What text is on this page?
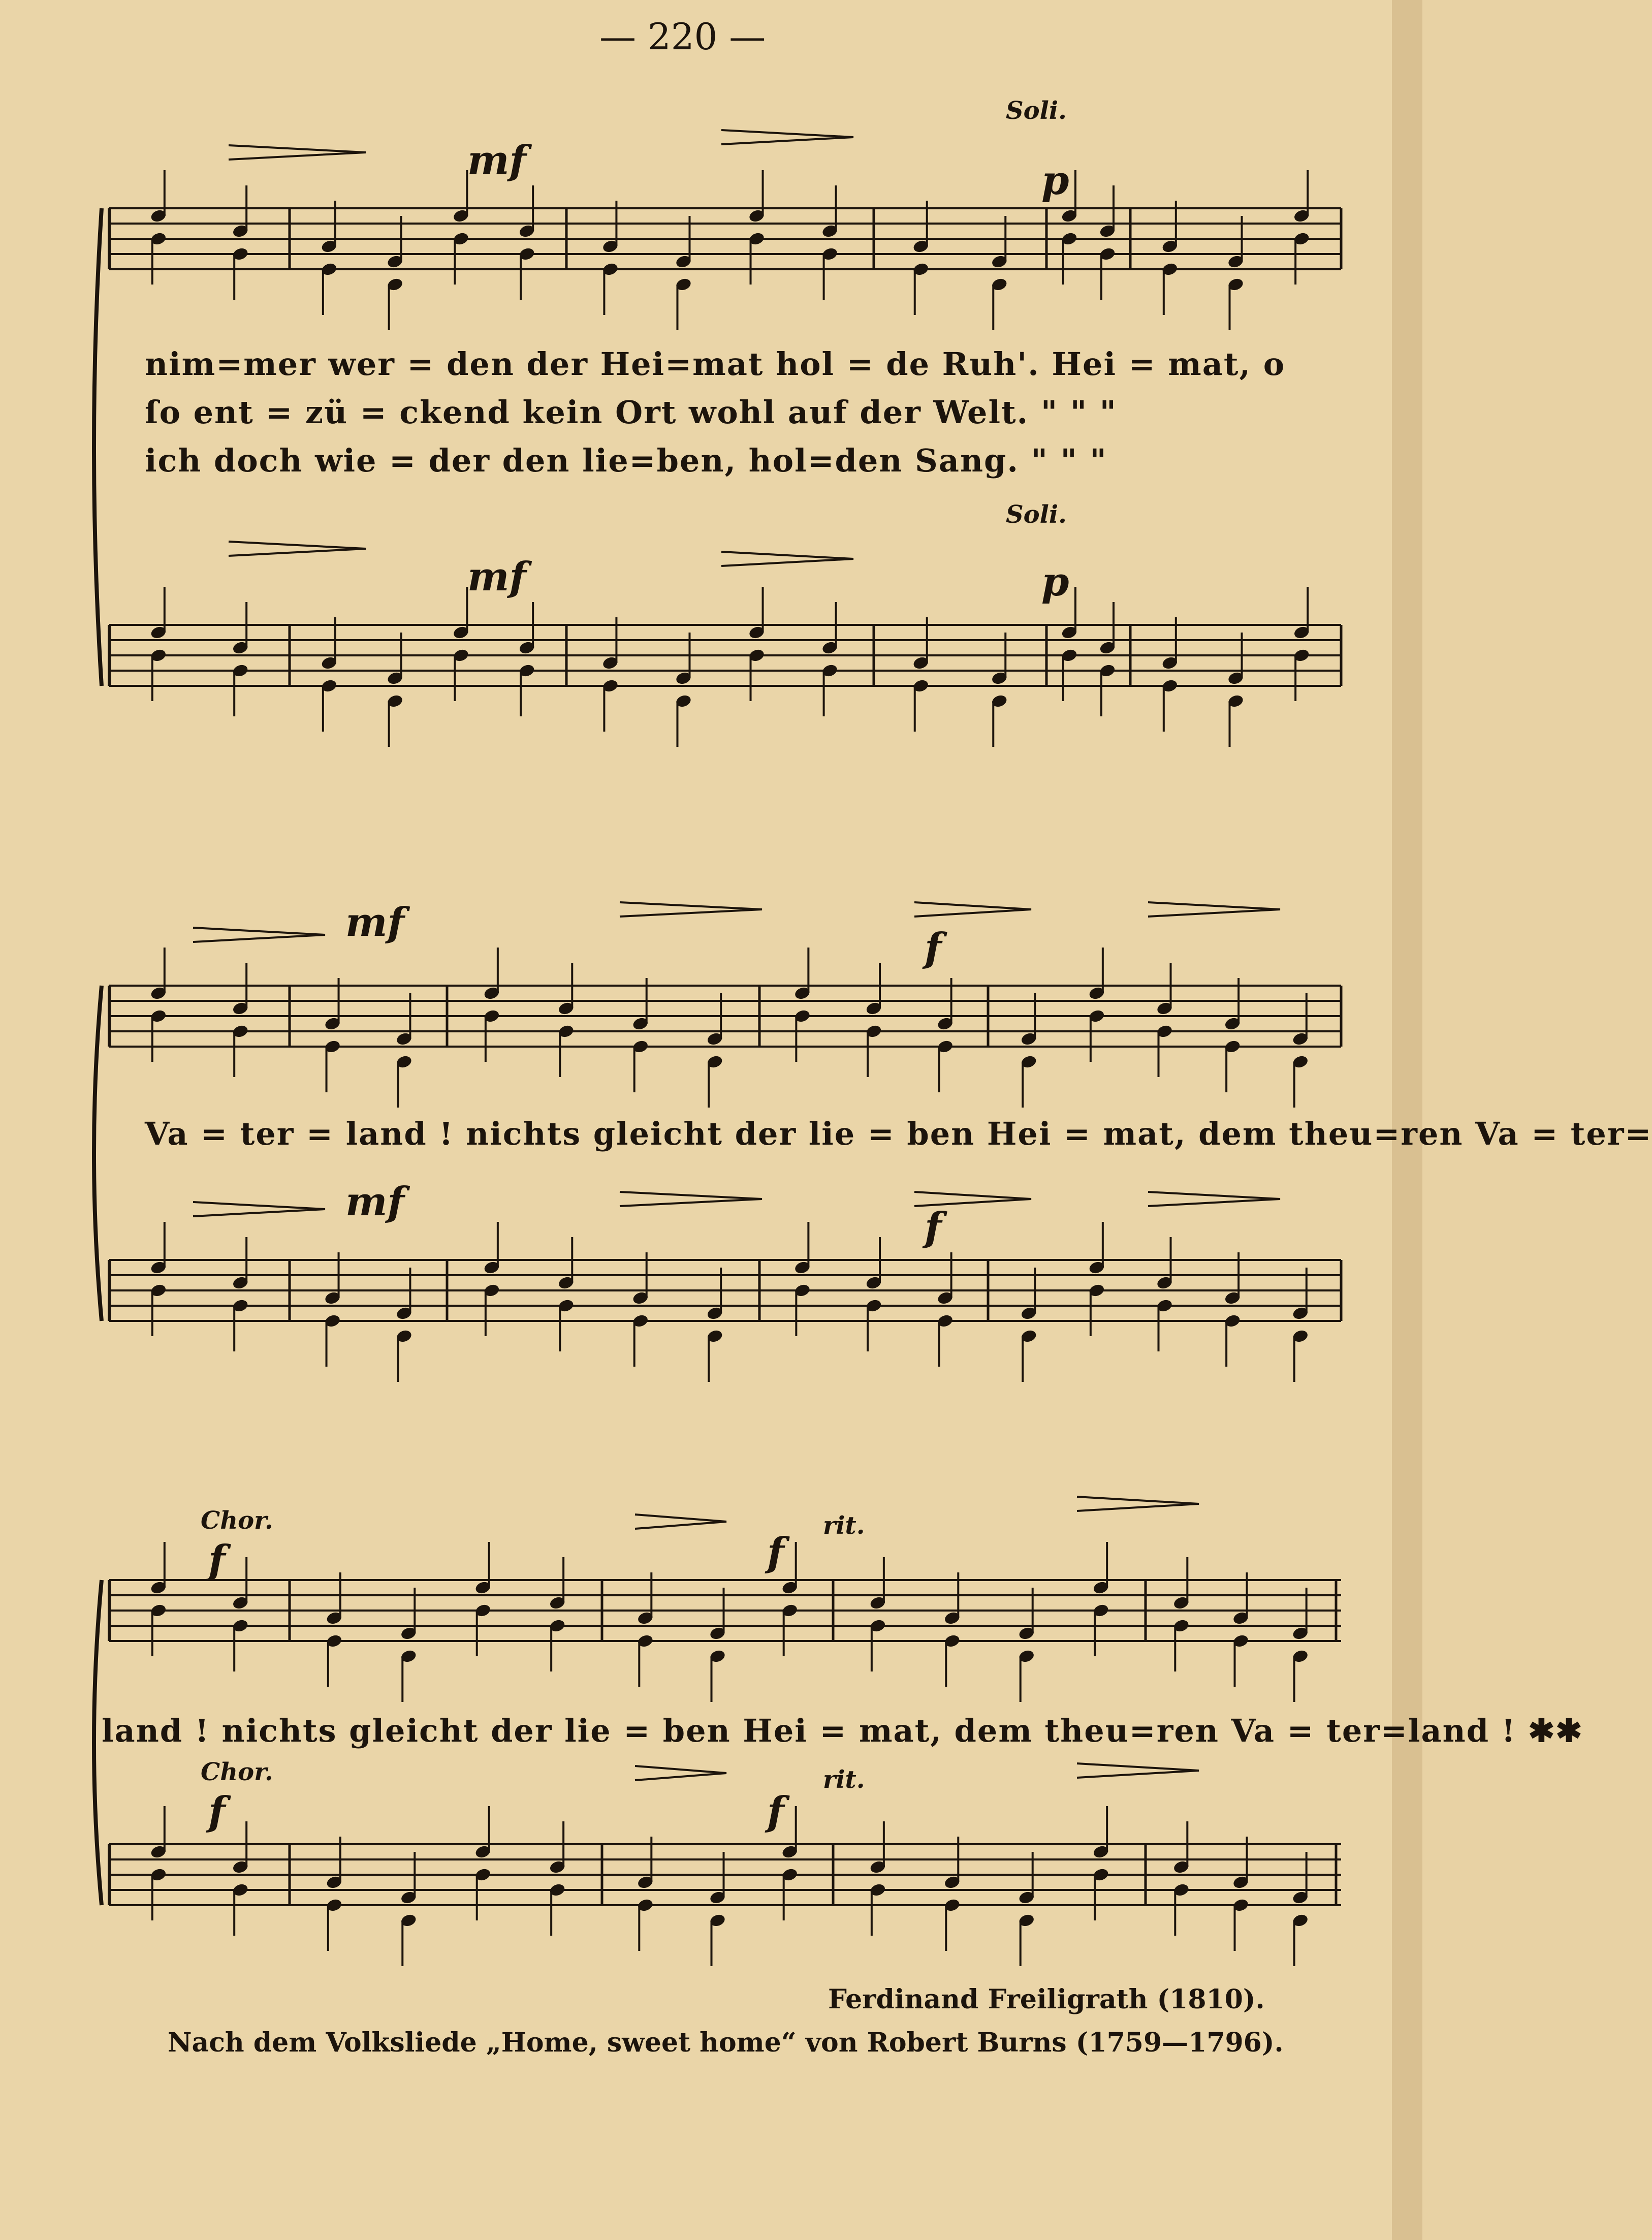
— 220 —
Soli.
mf	p
nim=mer wer = den der Hei=mat hol = de Ruh'. Hei = mat, o
ſo ent = zü = ckend kein Ort wohl auf der Welt. " " "
ich doch wie = der den lie=ben, hol=den Sang. " " "
Soli.
mf	p
mf
f
Va = ter = land ! nichts gleicht der lie = ben Hei = mat, dem theu=ren Va = ter=
mf
f
Chor.	rit.
f	f
land ! nichts gleicht der lie = ben Hei = mat, dem theu=ren Va = ter=land ! ✱✱
Chor.	rit.
f	f
Ferdinand Freiligrath (1810).
Nach dem Volksliede „Home, sweet home“ von Robert Burns (1759—1796).
